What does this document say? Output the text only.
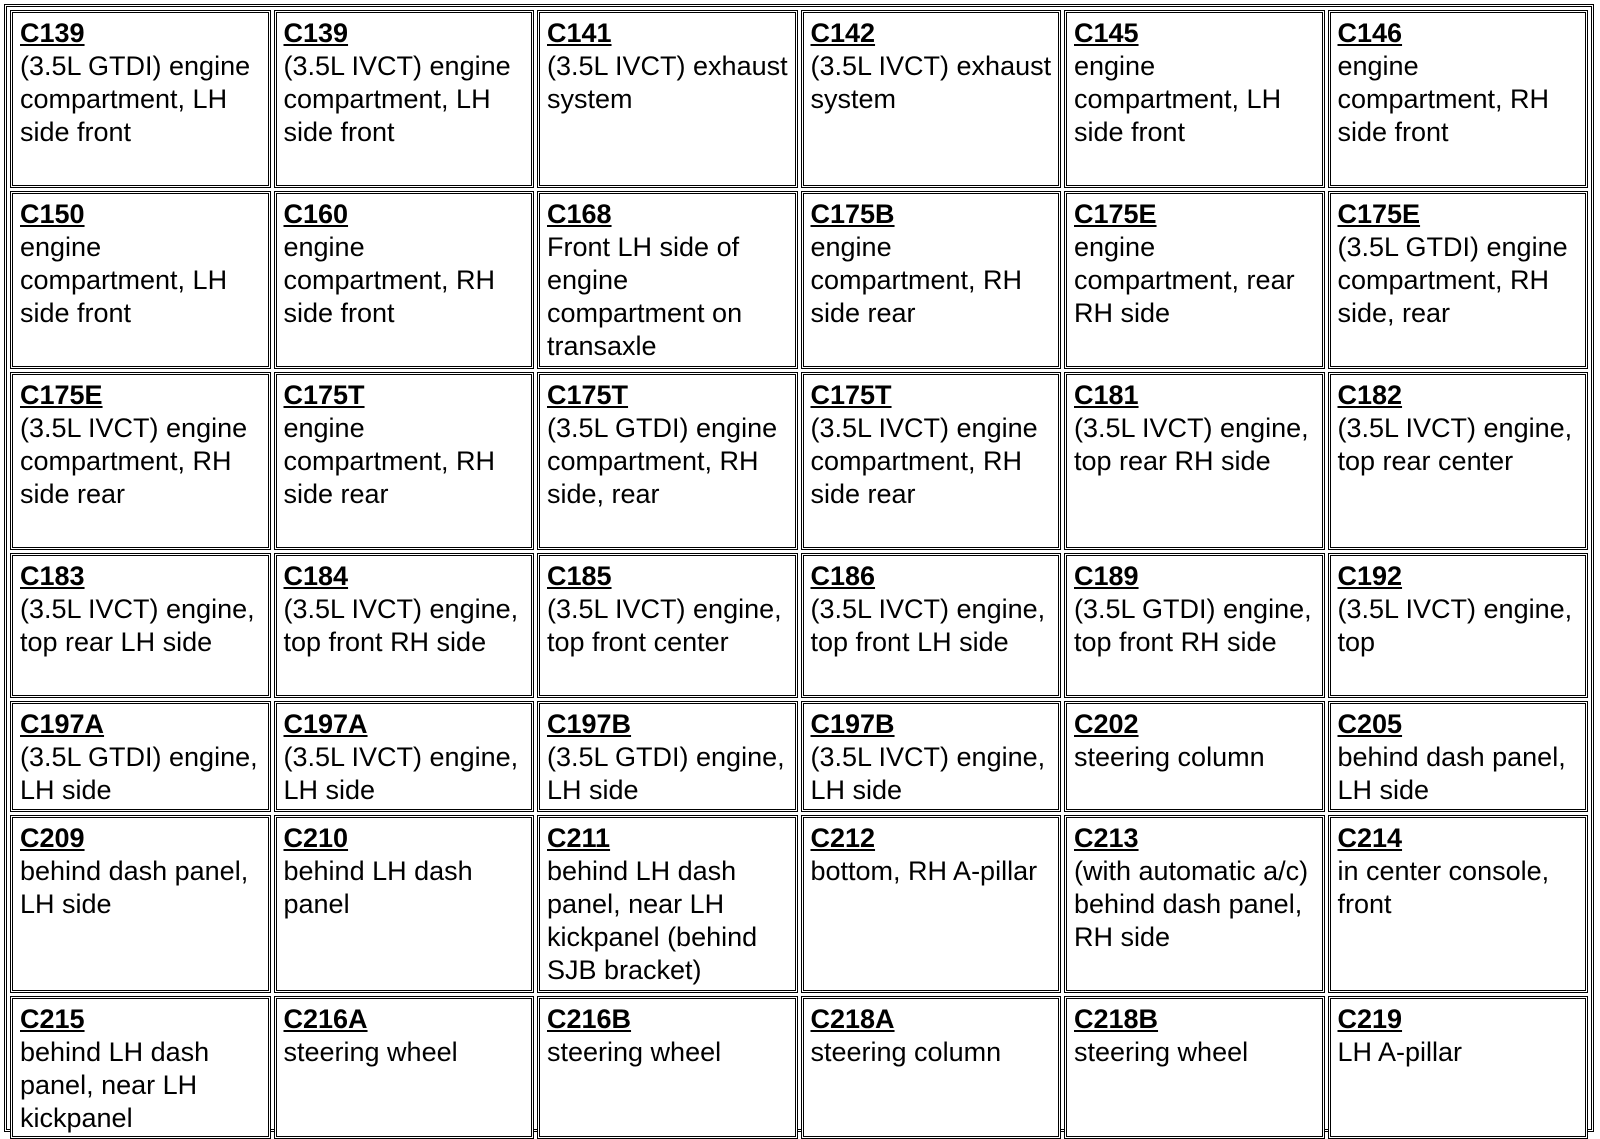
C139
(3.5L GTDI) engine compartment, LH side front
C139
(3.5L IVCT) engine compartment, LH side front
C141
(3.5L IVCT) exhaust system
C142
(3.5L IVCT) exhaust system
C145
engine compartment, LH side front
C146
engine compartment, RH side front
C150
engine compartment, LH side front
C160
engine compartment, RH side front
C168
Front LH side of engine compartment on transaxle
C175B
engine compartment, RH side rear
C175E
engine compartment, rear RH side
C175E
(3.5L GTDI) engine compartment, RH side, rear
C175E
(3.5L IVCT) engine compartment, RH side rear
C175T
engine compartment, RH side rear
C175T
(3.5L GTDI) engine compartment, RH side, rear
C175T
(3.5L IVCT) engine compartment, RH side rear
C181
(3.5L IVCT) engine, top rear RH side
C182
(3.5L IVCT) engine, top rear center
C183
(3.5L IVCT) engine, top rear LH side
C184
(3.5L IVCT) engine, top front RH side
C185
(3.5L IVCT) engine, top front center
C186
(3.5L IVCT) engine, top front LH side
C189
(3.5L GTDI) engine, top front RH side
C192
(3.5L IVCT) engine, top
C197A
(3.5L GTDI) engine, LH side
C197A
(3.5L IVCT) engine, LH side
C197B
(3.5L GTDI) engine, LH side
C197B
(3.5L IVCT) engine, LH side
C202
steering column
C205
behind dash panel, LH side
C209
behind dash panel, LH side
C210
behind LH dash panel
C211
behind LH dash panel, near LH kickpanel (behind SJB bracket)
C212
bottom, RH A-pillar
C213
(with automatic a/c) behind dash panel, RH side
C214
in center console, front
C215
behind LH dash panel, near LH kickpanel
C216A
steering wheel
C216B
steering wheel
C218A
steering column
C218B
steering wheel
C219
LH A-pillar
